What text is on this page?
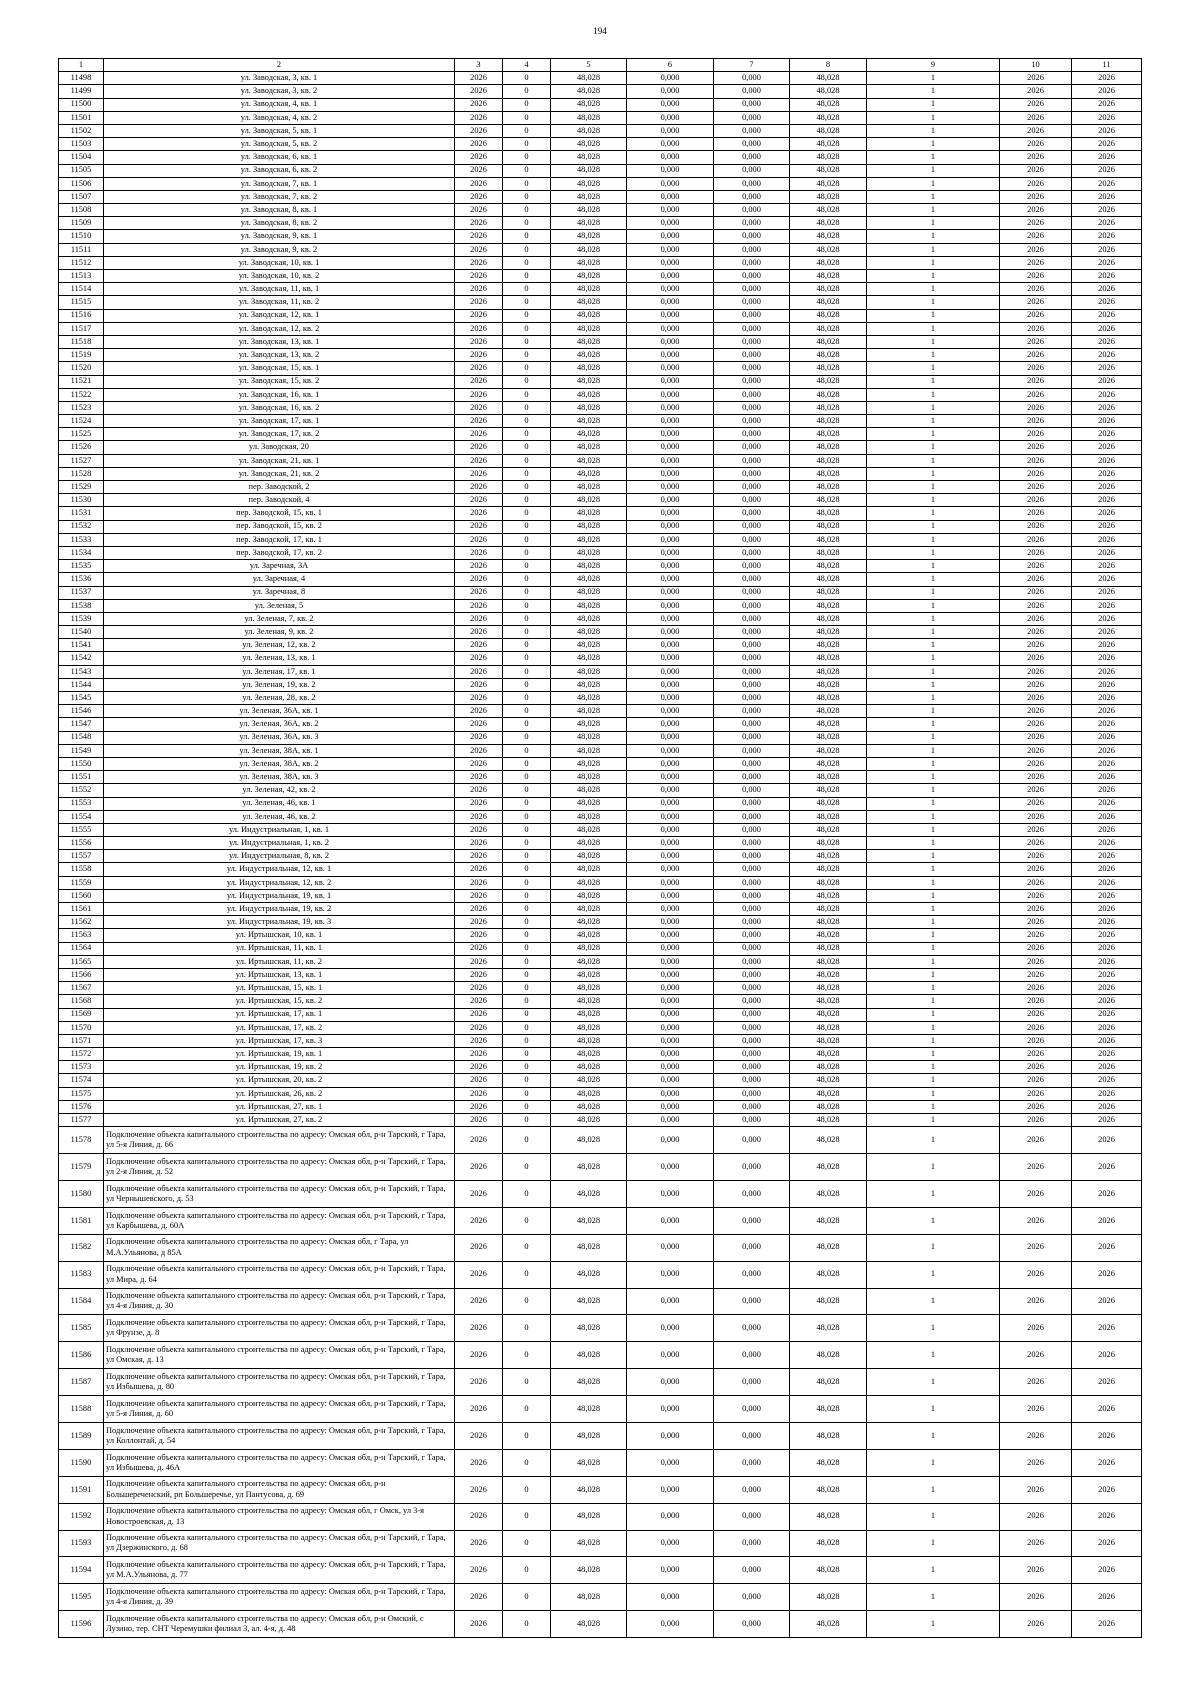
194
1	2	3	4	5	6	7	8	9	10	11
11498	ул. Заводская, 3, кв. 1	2026	0	48,028	0,000	0,000	48,028	1	2026	2026
11499	ул. Заводская, 3, кв. 2	2026	0	48,028	0,000	0,000	48,028	1	2026	2026
11500	ул. Заводская, 4, кв. 1	2026	0	48,028	0,000	0,000	48,028	1	2026	2026
11501	ул. Заводская, 4, кв. 2	2026	0	48,028	0,000	0,000	48,028	1	2026	2026
11502	ул. Заводская, 5, кв. 1	2026	0	48,028	0,000	0,000	48,028	1	2026	2026
11503	ул. Заводская, 5, кв. 2	2026	0	48,028	0,000	0,000	48,028	1	2026	2026
11504	ул. Заводская, 6, кв. 1	2026	0	48,028	0,000	0,000	48,028	1	2026	2026
11505	ул. Заводская, 6, кв. 2	2026	0	48,028	0,000	0,000	48,028	1	2026	2026
11506	ул. Заводская, 7, кв. 1	2026	0	48,028	0,000	0,000	48,028	1	2026	2026
11507	ул. Заводская, 7, кв. 2	2026	0	48,028	0,000	0,000	48,028	1	2026	2026
11508	ул. Заводская, 8, кв. 1	2026	0	48,028	0,000	0,000	48,028	1	2026	2026
11509	ул. Заводская, 8, кв. 2	2026	0	48,028	0,000	0,000	48,028	1	2026	2026
11510	ул. Заводская, 9, кв. 1	2026	0	48,028	0,000	0,000	48,028	1	2026	2026
11511	ул. Заводская, 9, кв. 2	2026	0	48,028	0,000	0,000	48,028	1	2026	2026
11512	ул. Заводская, 10, кв. 1	2026	0	48,028	0,000	0,000	48,028	1	2026	2026
11513	ул. Заводская, 10, кв. 2	2026	0	48,028	0,000	0,000	48,028	1	2026	2026
11514	ул. Заводская, 11, кв. 1	2026	0	48,028	0,000	0,000	48,028	1	2026	2026
11515	ул. Заводская, 11, кв. 2	2026	0	48,028	0,000	0,000	48,028	1	2026	2026
11516	ул. Заводская, 12, кв. 1	2026	0	48,028	0,000	0,000	48,028	1	2026	2026
11517	ул. Заводская, 12, кв. 2	2026	0	48,028	0,000	0,000	48,028	1	2026	2026
11518	ул. Заводская, 13, кв. 1	2026	0	48,028	0,000	0,000	48,028	1	2026	2026
11519	ул. Заводская, 13, кв. 2	2026	0	48,028	0,000	0,000	48,028	1	2026	2026
11520	ул. Заводская, 15, кв. 1	2026	0	48,028	0,000	0,000	48,028	1	2026	2026
11521	ул. Заводская, 15, кв. 2	2026	0	48,028	0,000	0,000	48,028	1	2026	2026
11522	ул. Заводская, 16, кв. 1	2026	0	48,028	0,000	0,000	48,028	1	2026	2026
11523	ул. Заводская, 16, кв. 2	2026	0	48,028	0,000	0,000	48,028	1	2026	2026
11524	ул. Заводская, 17, кв. 1	2026	0	48,028	0,000	0,000	48,028	1	2026	2026
11525	ул. Заводская, 17, кв. 2	2026	0	48,028	0,000	0,000	48,028	1	2026	2026
11526	ул. Заводская, 20	2026	0	48,028	0,000	0,000	48,028	1	2026	2026
11527	ул. Заводская, 21, кв. 1	2026	0	48,028	0,000	0,000	48,028	1	2026	2026
11528	ул. Заводская, 21, кв. 2	2026	0	48,028	0,000	0,000	48,028	1	2026	2026
11529	пер. Заводской, 2	2026	0	48,028	0,000	0,000	48,028	1	2026	2026
11530	пер. Заводской, 4	2026	0	48,028	0,000	0,000	48,028	1	2026	2026
11531	пер. Заводской, 15, кв. 1	2026	0	48,028	0,000	0,000	48,028	1	2026	2026
11532	пер. Заводской, 15, кв. 2	2026	0	48,028	0,000	0,000	48,028	1	2026	2026
11533	пер. Заводской, 17, кв. 1	2026	0	48,028	0,000	0,000	48,028	1	2026	2026
11534	пер. Заводской, 17, кв. 2	2026	0	48,028	0,000	0,000	48,028	1	2026	2026
11535	ул. Заречная, 3А	2026	0	48,028	0,000	0,000	48,028	1	2026	2026
11536	ул. Заречная, 4	2026	0	48,028	0,000	0,000	48,028	1	2026	2026
11537	ул. Заречная, 8	2026	0	48,028	0,000	0,000	48,028	1	2026	2026
11538	ул. Зеленая, 5	2026	0	48,028	0,000	0,000	48,028	1	2026	2026
11539	ул. Зеленая, 7, кв. 2	2026	0	48,028	0,000	0,000	48,028	1	2026	2026
11540	ул. Зеленая, 9, кв. 2	2026	0	48,028	0,000	0,000	48,028	1	2026	2026
11541	ул. Зеленая, 12, кв. 2	2026	0	48,028	0,000	0,000	48,028	1	2026	2026
11542	ул. Зеленая, 13, кв. 1	2026	0	48,028	0,000	0,000	48,028	1	2026	2026
11543	ул. Зеленая, 17, кв. 1	2026	0	48,028	0,000	0,000	48,028	1	2026	2026
11544	ул. Зеленая, 19, кв. 2	2026	0	48,028	0,000	0,000	48,028	1	2026	2026
11545	ул. Зеленая, 28, кв. 2	2026	0	48,028	0,000	0,000	48,028	1	2026	2026
11546	ул. Зеленая, 36А, кв. 1	2026	0	48,028	0,000	0,000	48,028	1	2026	2026
11547	ул. Зеленая, 36А, кв. 2	2026	0	48,028	0,000	0,000	48,028	1	2026	2026
11548	ул. Зеленая, 36А, кв. 3	2026	0	48,028	0,000	0,000	48,028	1	2026	2026
11549	ул. Зеленая, 38А, кв. 1	2026	0	48,028	0,000	0,000	48,028	1	2026	2026
11550	ул. Зеленая, 38А, кв. 2	2026	0	48,028	0,000	0,000	48,028	1	2026	2026
11551	ул. Зеленая, 38А, кв. 3	2026	0	48,028	0,000	0,000	48,028	1	2026	2026
11552	ул. Зеленая, 42, кв. 2	2026	0	48,028	0,000	0,000	48,028	1	2026	2026
11553	ул. Зеленая, 46, кв. 1	2026	0	48,028	0,000	0,000	48,028	1	2026	2026
11554	ул. Зеленая, 46, кв. 2	2026	0	48,028	0,000	0,000	48,028	1	2026	2026
11555	ул. Индустриальная, 1, кв. 1	2026	0	48,028	0,000	0,000	48,028	1	2026	2026
11556	ул. Индустриальная, 1, кв. 2	2026	0	48,028	0,000	0,000	48,028	1	2026	2026
11557	ул. Индустриальная, 8, кв. 2	2026	0	48,028	0,000	0,000	48,028	1	2026	2026
11558	ул. Индустриальная, 12, кв. 1	2026	0	48,028	0,000	0,000	48,028	1	2026	2026
11559	ул. Индустриальная, 12, кв. 2	2026	0	48,028	0,000	0,000	48,028	1	2026	2026
11560	ул. Индустриальная, 19, кв. 1	2026	0	48,028	0,000	0,000	48,028	1	2026	2026
11561	ул. Индустриальная, 19, кв. 2	2026	0	48,028	0,000	0,000	48,028	1	2026	2026
11562	ул. Индустриальная, 19, кв. 3	2026	0	48,028	0,000	0,000	48,028	1	2026	2026
11563	ул. Иртышская, 10, кв. 1	2026	0	48,028	0,000	0,000	48,028	1	2026	2026
11564	ул. Иртышская, 11, кв. 1	2026	0	48,028	0,000	0,000	48,028	1	2026	2026
11565	ул. Иртышская, 11, кв. 2	2026	0	48,028	0,000	0,000	48,028	1	2026	2026
11566	ул. Иртышская, 13, кв. 1	2026	0	48,028	0,000	0,000	48,028	1	2026	2026
11567	ул. Иртышская, 15, кв. 1	2026	0	48,028	0,000	0,000	48,028	1	2026	2026
11568	ул. Иртышская, 15, кв. 2	2026	0	48,028	0,000	0,000	48,028	1	2026	2026
11569	ул. Иртышская, 17, кв. 1	2026	0	48,028	0,000	0,000	48,028	1	2026	2026
11570	ул. Иртышская, 17, кв. 2	2026	0	48,028	0,000	0,000	48,028	1	2026	2026
11571	ул. Иртышская, 17, кв. 3	2026	0	48,028	0,000	0,000	48,028	1	2026	2026
11572	ул. Иртышская, 19, кв. 1	2026	0	48,028	0,000	0,000	48,028	1	2026	2026
11573	ул. Иртышская, 19, кв. 2	2026	0	48,028	0,000	0,000	48,028	1	2026	2026
11574	ул. Иртышская, 20, кв. 2	2026	0	48,028	0,000	0,000	48,028	1	2026	2026
11575	ул. Иртышская, 26, кв. 2	2026	0	48,028	0,000	0,000	48,028	1	2026	2026
11576	ул. Иртышская, 27, кв. 1	2026	0	48,028	0,000	0,000	48,028	1	2026	2026
11577	ул. Иртышская, 27, кв. 2	2026	0	48,028	0,000	0,000	48,028	1	2026	2026
11578	Подключение объекта капитального строительства по адресу: Омская обл, р-н Тарский, г Тара, ул 5-я Линия, д. 66	2026	0	48,028	0,000	0,000	48,028	1	2026	2026
11579	Подключение объекта капитального строительства по адресу: Омская обл, р-н Тарский, г Тара, ул 2-я Линия, д. 52	2026	0	48,028	0,000	0,000	48,028	1	2026	2026
11580	Подключение объекта капитального строительства по адресу: Омская обл, р-н Тарский, г Тара, ул Чернышевского, д. 53	2026	0	48,028	0,000	0,000	48,028	1	2026	2026
11581	Подключение объекта капитального строительства по адресу: Омская обл, р-н Тарский, г Тара, ул Карбышева, д. 60А	2026	0	48,028	0,000	0,000	48,028	1	2026	2026
11582	Подключение объекта капитального строительства по адресу: Омская обл, г Тара, ул М.А.Ульянова, д 85А	2026	0	48,028	0,000	0,000	48,028	1	2026	2026
11583	Подключение объекта капитального строительства по адресу: Омская обл, р-н Тарский, г Тара, ул Мира, д. 64	2026	0	48,028	0,000	0,000	48,028	1	2026	2026
11584	Подключение объекта капитального строительства по адресу: Омская обл, р-н Тарский, г Тара, ул 4-я Линия, д. 30	2026	0	48,028	0,000	0,000	48,028	1	2026	2026
11585	Подключение объекта капитального строительства по адресу: Омская обл, р-н Тарский, г Тара, ул Фрунзе, д. 8	2026	0	48,028	0,000	0,000	48,028	1	2026	2026
11586	Подключение объекта капитального строительства по адресу: Омская обл, р-н Тарский, г Тара, ул Омская, д. 13	2026	0	48,028	0,000	0,000	48,028	1	2026	2026
11587	Подключение объекта капитального строительства по адресу: Омская обл, р-н Тарский, г Тара, ул Избышева, д. 80	2026	0	48,028	0,000	0,000	48,028	1	2026	2026
11588	Подключение объекта капитального строительства по адресу: Омская обл, р-н Тарский, г Тара, ул 5-я Линия, д. 60	2026	0	48,028	0,000	0,000	48,028	1	2026	2026
11589	Подключение объекта капитального строительства по адресу: Омская обл, р-н Тарский, г Тара, ул Коллонтай, д. 54	2026	0	48,028	0,000	0,000	48,028	1	2026	2026
11590	Подключение объекта капитального строительства по адресу: Омская обл, р-н Тарский, г Тара, ул Избышева, д. 46А	2026	0	48,028	0,000	0,000	48,028	1	2026	2026
11591	Подключение объекта капитального строительства по адресу: Омская обл, р-н Большереченский, рп Большеречье, ул Пантусова, д. 69	2026	0	48,028	0,000	0,000	48,028	1	2026	2026
11592	Подключение объекта капитального строительства по адресу: Омская обл, г Омск, ул 3-я Новостроевская, д. 13	2026	0	48,028	0,000	0,000	48,028	1	2026	2026
11593	Подключение объекта капитального строительства по адресу: Омская обл, р-н Тарский, г Тара, ул Дзержинского, д. 68	2026	0	48,028	0,000	0,000	48,028	1	2026	2026
11594	Подключение объекта капитального строительства по адресу: Омская обл, р-н Тарский, г Тара, ул М.А.Ульянова, д. 77	2026	0	48,028	0,000	0,000	48,028	1	2026	2026
11595	Подключение объекта капитального строительства по адресу: Омская обл, р-н Тарский, г Тара, ул 4-я Линия, д. 39	2026	0	48,028	0,000	0,000	48,028	1	2026	2026
11596	Подключение объекта капитального строительства по адресу: Омская обл, р-н Омский, с Лузино, тер. СНТ Черемушки филиал 3, ал. 4-я, д. 48	2026	0	48,028	0,000	0,000	48,028	1	2026	2026
